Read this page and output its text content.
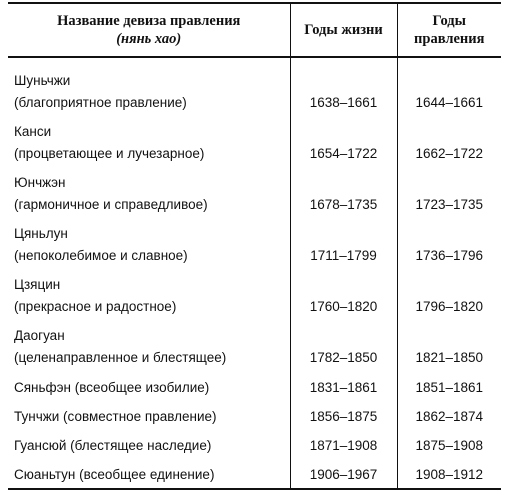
Название девиза правления
(нянь хао)	Годы жизни	Годы
правления

Шуньчжи
(благоприятное правление)	1638–1661	1644–1661

Канси
(процветающее и лучезарное)	1654–1722	1662–1722

Юнчжэн
(гармоничное и справедливое)	1678–1735	1723–1735

Цяньлун
(непоколебимое и славное)	1711–1799	1736–1796

Цзяцин
(прекрасное и радостное)	1760–1820	1796–1820

Даогуан
(целенаправленное и блестящее)	1782–1850	1821–1850

Сяньфэн (всеобщее изобилие)	1831–1861	1851–1861

Тунчжи (совместное правление)	1856–1875	1862–1874

Гуансюй (блестящее наследие)	1871–1908	1875–1908

Сюаньтун (всеобщее единение)	1906–1967	1908–1912
